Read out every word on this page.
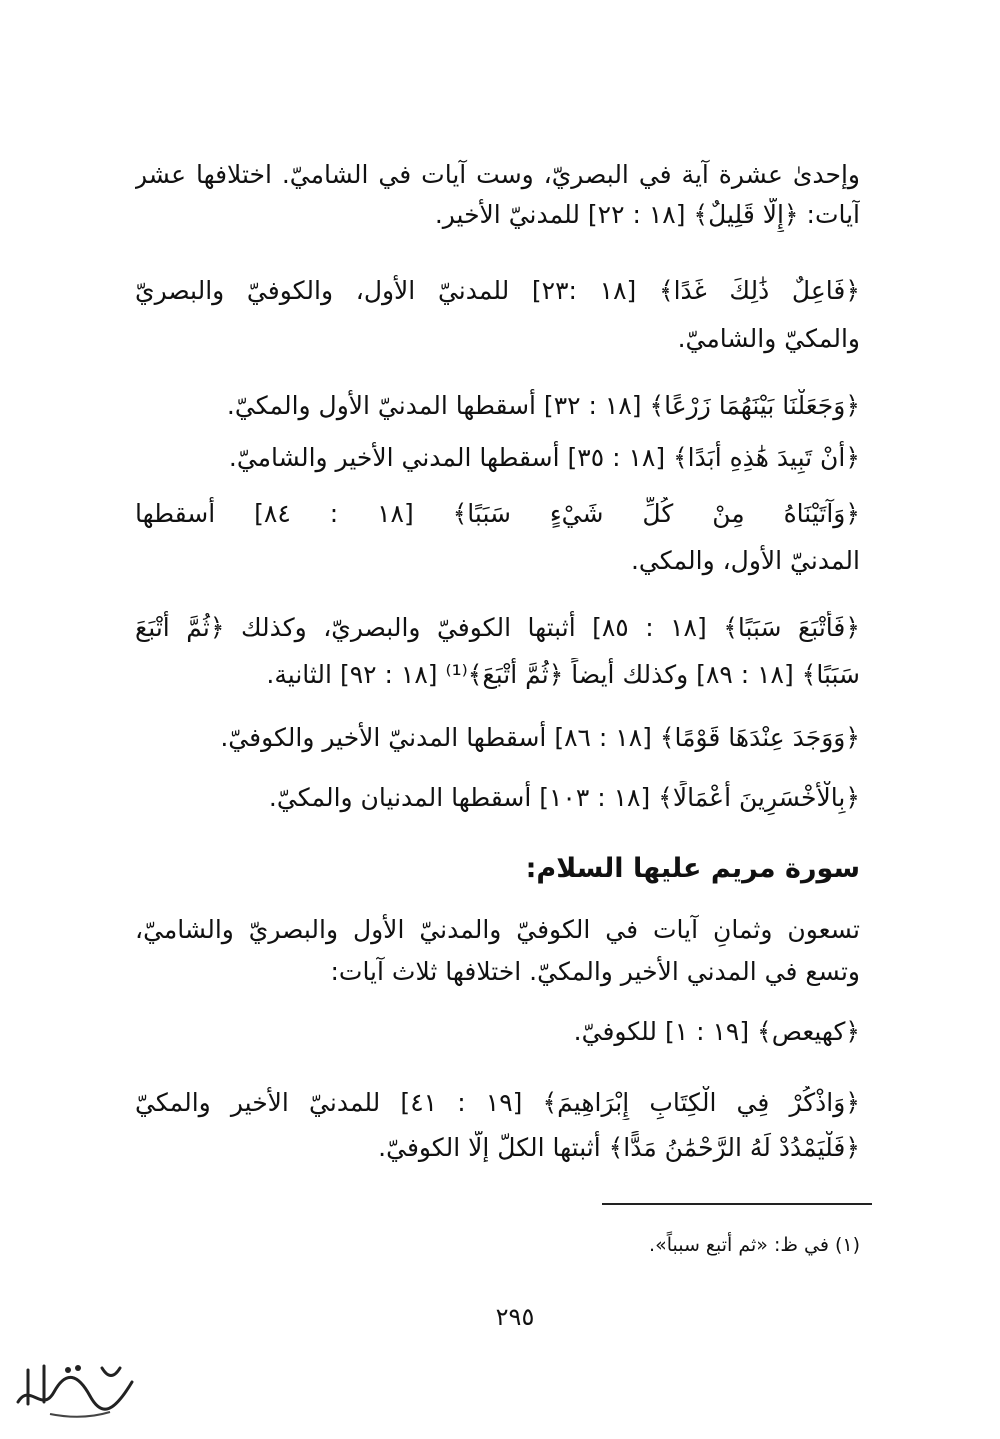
وإحدىٰ عشرة آية في البصريّ، وست آيات في الشاميّ. اختلافها عشر
آيات: ﴿إِلَّا قَلِيلٌ﴾ [١٨ : ٢٢] للمدنيّ الأخير.
﴿فَاعِلٌ ذَٰلِكَ غَدًا﴾ [١٨ :٢٣] للمدنيّ الأول، والكوفيّ والبصريّ
والمكيّ والشاميّ.
﴿وَجَعَلْنَا بَيْنَهُمَا زَرْعًا﴾ [١٨ : ٣٢] أسقطها المدنيّ الأول والمكيّ.
﴿أَنْ تَبِيدَ هَٰذِهِ أَبَدًا﴾ [١٨ : ٣٥] أسقطها المدني الأخير والشاميّ.
﴿وَآتَيْنَاهُ مِنْ كُلِّ شَيْءٍ سَبَبًا﴾ [١٨ : ٨٤] أسقطها
المدنيّ الأول، والمكي.
﴿فَأَتْبَعَ سَبَبًا﴾ [١٨ : ٨٥] أثبتها الكوفيّ والبصريّ، وكذلك ﴿ثُمَّ أَتْبَعَ
سَبَبًا﴾ [١٨ : ٨٩] وكذلك أيضاً ﴿ثُمَّ أَتْبَعَ﴾⁽¹⁾ [١٨ : ٩٢] الثانية.
﴿وَوَجَدَ عِنْدَهَا قَوْمًا﴾ [١٨ : ٨٦] أسقطها المدنيّ الأخير والكوفيّ.
﴿بِالْأَخْسَرِينَ أَعْمَالًا﴾ [١٨ : ١٠٣] أسقطها المدنيان والمكيّ.
سورة مريم عليها السلام:
تسعون وثمانِ آيات في الكوفيّ والمدنيّ الأول والبصريّ والشاميّ،
وتسع في المدني الأخير والمكيّ. اختلافها ثلاث آيات:
﴿كهيعص﴾ [١٩ : ١] للكوفيّ.
﴿وَاذْكُرْ فِي الْكِتَابِ إِبْرَاهِيمَ﴾ [١٩ : ٤١] للمدنيّ الأخير والمكيّ
﴿فَلْيَمْدُدْ لَهُ الرَّحْمَٰنُ مَدًّا﴾ أثبتها الكلّ إلّا الكوفيّ.
(١) في ظ: «ثم أتبع سبباً».
٢٩٥
